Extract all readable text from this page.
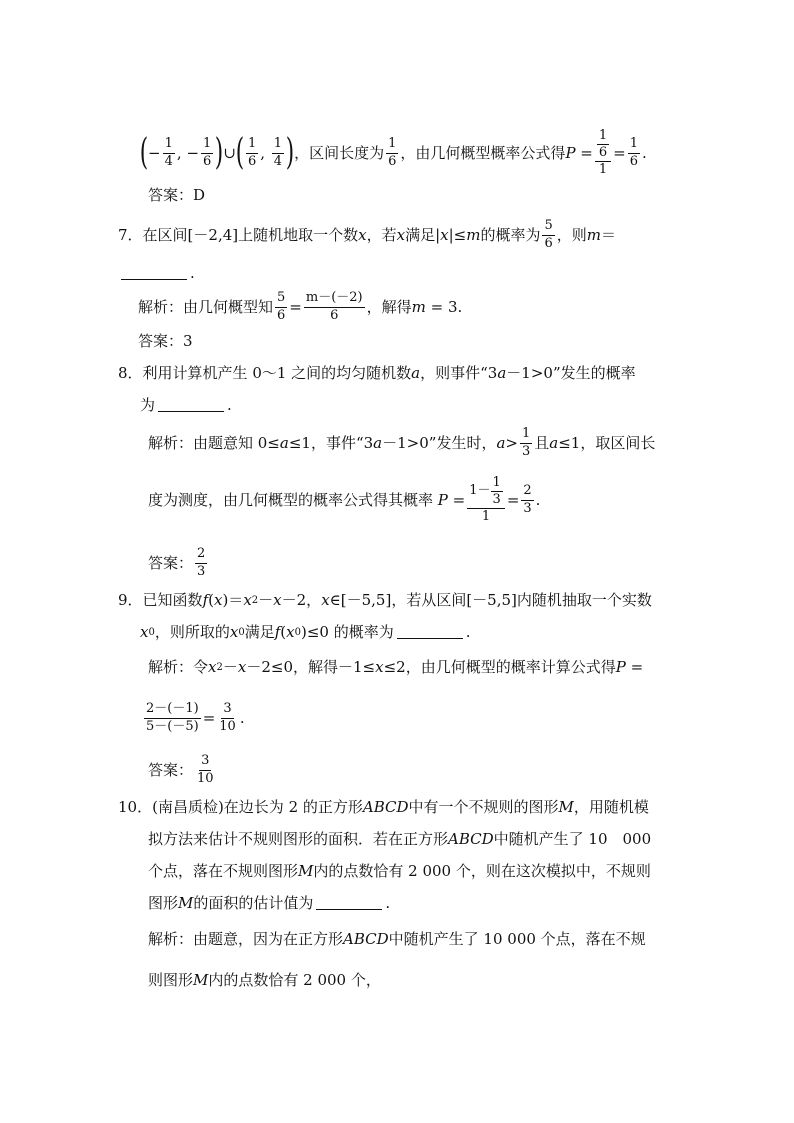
( − $\frac{1}{4}$ , − $\frac{1}{6}$ ) ∪ ( $\frac{1}{6}$ , $\frac{1}{4}$ ) ，区间长度为 $\frac{1}{6}$ ，由几何概型概率公式得 $P = \frac{\frac{1}{6}}{1} = \frac{1}{6}$ .
答案： D
7． 在区间[－2,4]上随机地取一个数 x ，若 x 满足| x |≤ m 的概率为 $\frac{5}{6}$ ，则 m ＝
.
解析：由几何概型知 $\frac{5}{6} = \frac{m-(-2)}{6}$ ，解得 m
= 3.
答案： 3
8． 利用计算机产生 0～1 之间的均匀随机数 a ，则事件“3 a －1>0”发生的概率
为	.
解析：由题意知 0≤ a ≤1，事件“3 a －1>0”发生时， $a > \frac{1}{3}$ 且 a ≤1，取区间长
度为测度，由几何概型的概率公式得其概率
P
= $\frac{1- \frac{1}{3}}{1} = \frac{2}{3}$ .
答案： $\frac{2}{3}$
9． 已知函数 f ( x )＝ x 2 － x －2， x ∈[－5,5]，若从区间[－5,5]内随机抽取一个实数
x 0 ，则所取的 x 0 满足 f ( x 0 ) ≤0 的概率为	.
解析：令 x 2 － x －2≤0，解得－1≤ x ≤2，由几何概型的概率计算公式得 P
=
$\frac{2-(-1)}{5-(-5)} = \frac{3}{10}$ .
答案： $\frac{3}{10}$
10． (南昌质检)在边长为 2 的正方形 ABCD 中有一个不规则的图形 M ，用随机模
拟方法来估计不规则图形的面积．若在正方形 ABCD 中随机产生了 10　000
个点，落在不规则图形 M 内的点数恰有 2 000 个，则在这次模拟中，不规则
图形 M 的面积的估计值为	.
解析：由题意，因为在正方形 ABCD 中随机产生了 10 000 个点，落在不规
则图形 M 内的点数恰有 2 000 个，
